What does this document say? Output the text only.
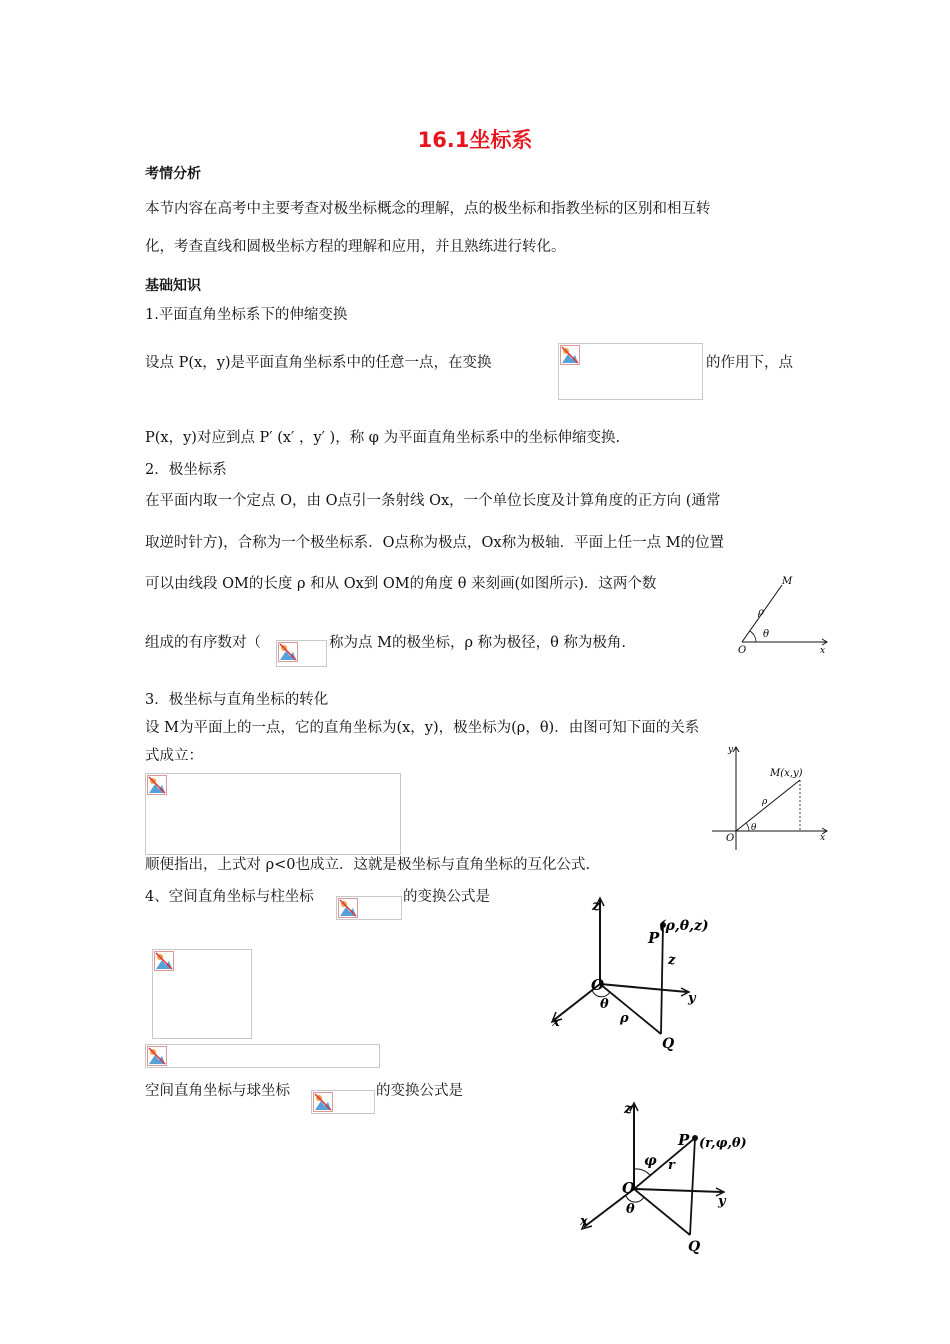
16.1坐标系
考情分析
本节内容在高考中主要考查对极坐标概念的理解，点的极坐标和指教坐标的区别和相互转
化，考查直线和圆极坐标方程的理解和应用，并且熟练进行转化。
基础知识
1.平面直角坐标系下的伸缩变换
设点 P(x，y)是平面直角坐标系中的任意一点，在变换	的作用下，点
P(x，y)对应到点 P′ (x′ ，y′ )，称 φ 为平面直角坐标系中的坐标伸缩变换.
2．极坐标系
在平面内取一个定点 O，由 O点引一条射线 Ox，一个单位长度及计算角度的正方向 (通常
取逆时针方)，合称为一个极坐标系．O点称为极点，Ox称为极轴．平面上任一点 M的位置
可以由线段 OM的长度 ρ 和从 Ox到 OM的角度 θ 来刻画(如图所示)．这两个数
组成的有序数对（	称为点 M的极坐标，ρ 称为极径，θ 称为极角.
M
ρ
θ
O	x
3．极坐标与直角坐标的转化
设 M为平面上的一点，它的直角坐标为(x，y)，极坐标为(ρ，θ)．由图可知下面的关系
式成立：
顺便指出，上式对 ρ<0也成立．这就是极坐标与直角坐标的互化公式.
y
M(x,y)
ρ
θ
O	x
4、空间直角坐标与柱坐标	的变换公式是
空间直角坐标与球坐标	的变换公式是
z
P
(ρ,θ,z)
z
O
y
x
θ
ρ
Q
z
P (r,φ,θ)
φ r
O
y
x
θ
Q
